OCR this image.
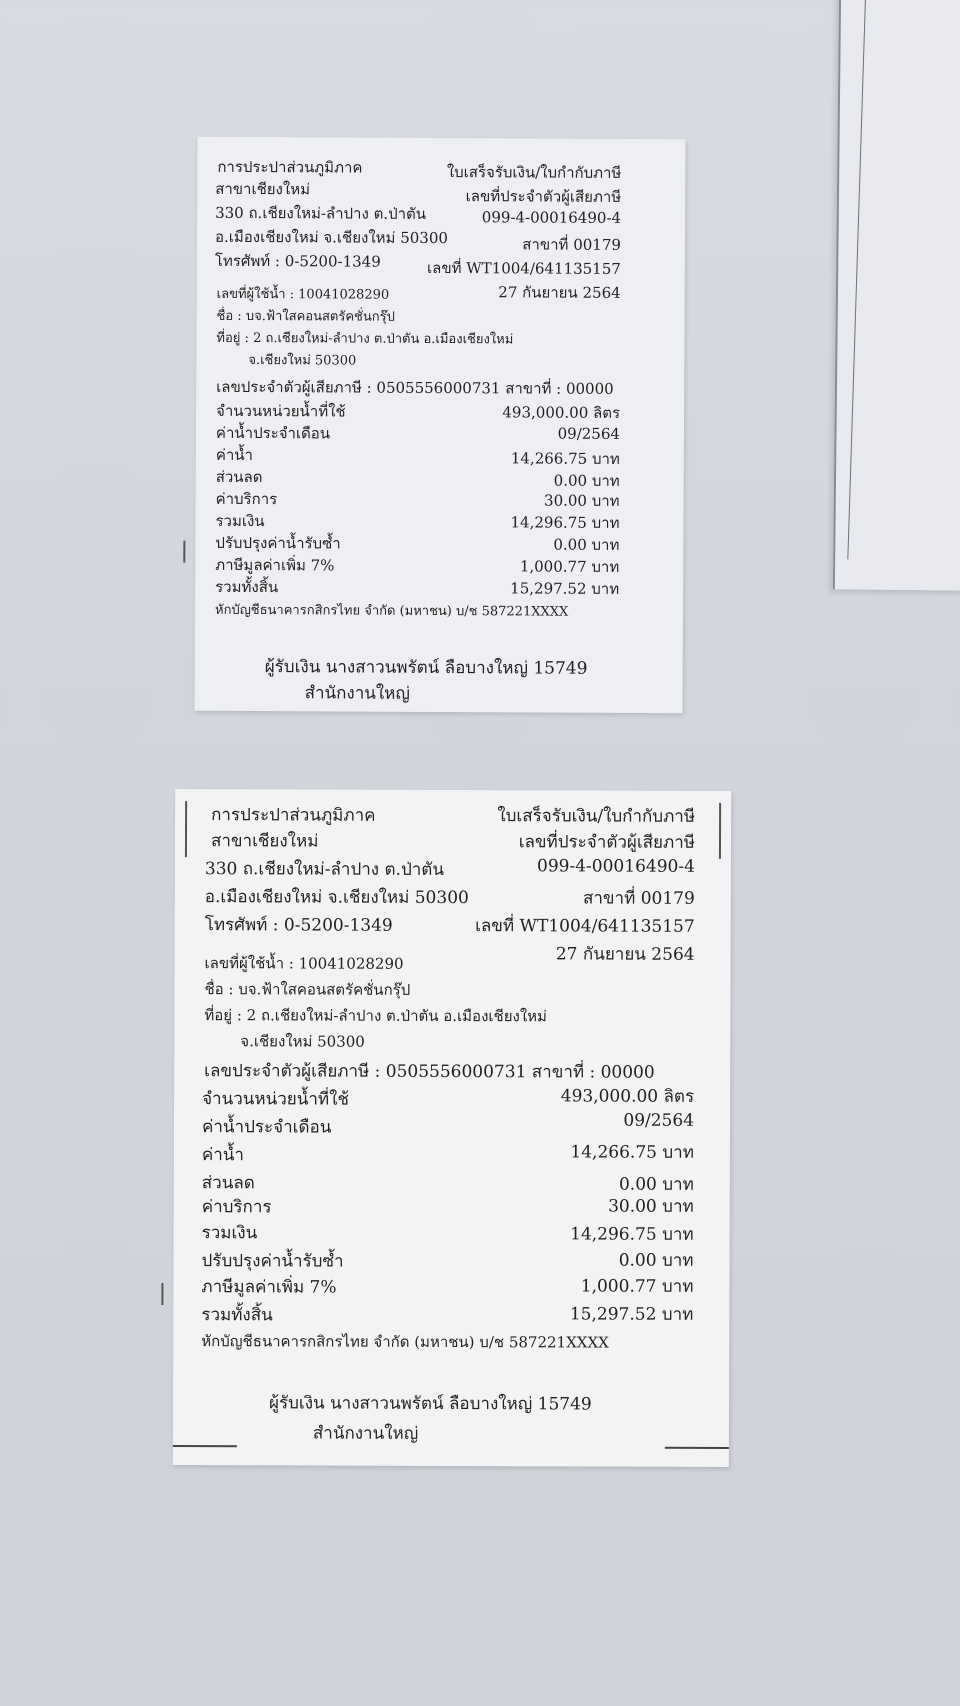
การประปาส่วนภูมิภาค
สาขาเชียงใหม่
330 ถ.เชียงใหม่-ลำปาง ต.ป่าตัน
อ.เมืองเชียงใหม่ จ.เชียงใหม่ 50300
โทรศัพท์ : 0-5200-1349
ใบเสร็จรับเงิน/ใบกำกับภาษี
เลขที่ประจำตัวผู้เสียภาษี
099-4-00016490-4
สาขาที่ 00179
เลขที่ WT1004/641135157
27 กันยายน 2564
เลขที่ผู้ใช้น้ำ : 10041028290
ชื่อ : บจ.ฟ้าใสคอนสตรัคชั่นกรุ๊ป
ที่อยู่ : 2 ถ.เชียงใหม่-ลำปาง ต.ป่าตัน อ.เมืองเชียงใหม่
จ.เชียงใหม่ 50300
เลขประจำตัวผู้เสียภาษี : 0505556000731 สาขาที่ : 00000
จำนวนหน่วยน้ำที่ใช้	493,000.00 ลิตร
ค่าน้ำประจำเดือน	09/2564
ค่าน้ำ	14,266.75 บาท
ส่วนลด	0.00 บาท
ค่าบริการ	30.00 บาท
รวมเงิน	14,296.75 บาท
ปรับปรุงค่าน้ำรับซ้ำ	0.00 บาท
ภาษีมูลค่าเพิ่ม 7%	1,000.77 บาท
รวมทั้งสิ้น	15,297.52 บาท
หักบัญชีธนาคารกสิกรไทย จำกัด (มหาชน) บ/ช 587221XXXX
ผู้รับเงิน นางสาวนพรัตน์ ลือบางใหญ่ 15749
สำนักงานใหญ่
การประปาส่วนภูมิภาค
สาขาเชียงใหม่
330 ถ.เชียงใหม่-ลำปาง ต.ป่าตัน
อ.เมืองเชียงใหม่ จ.เชียงใหม่ 50300
โทรศัพท์ : 0-5200-1349
ใบเสร็จรับเงิน/ใบกำกับภาษี
เลขที่ประจำตัวผู้เสียภาษี
099-4-00016490-4
สาขาที่ 00179
เลขที่ WT1004/641135157
27 กันยายน 2564
เลขที่ผู้ใช้น้ำ : 10041028290
ชื่อ : บจ.ฟ้าใสคอนสตรัคชั่นกรุ๊ป
ที่อยู่ : 2 ถ.เชียงใหม่-ลำปาง ต.ป่าตัน อ.เมืองเชียงใหม่
จ.เชียงใหม่ 50300
เลขประจำตัวผู้เสียภาษี : 0505556000731 สาขาที่ : 00000
จำนวนหน่วยน้ำที่ใช้	493,000.00 ลิตร
ค่าน้ำประจำเดือน	09/2564
ค่าน้ำ	14,266.75 บาท
ส่วนลด	0.00 บาท
ค่าบริการ	30.00 บาท
รวมเงิน	14,296.75 บาท
ปรับปรุงค่าน้ำรับซ้ำ	0.00 บาท
ภาษีมูลค่าเพิ่ม 7%	1,000.77 บาท
รวมทั้งสิ้น	15,297.52 บาท
หักบัญชีธนาคารกสิกรไทย จำกัด (มหาชน) บ/ช 587221XXXX
ผู้รับเงิน นางสาวนพรัตน์ ลือบางใหญ่ 15749
สำนักงานใหญ่
